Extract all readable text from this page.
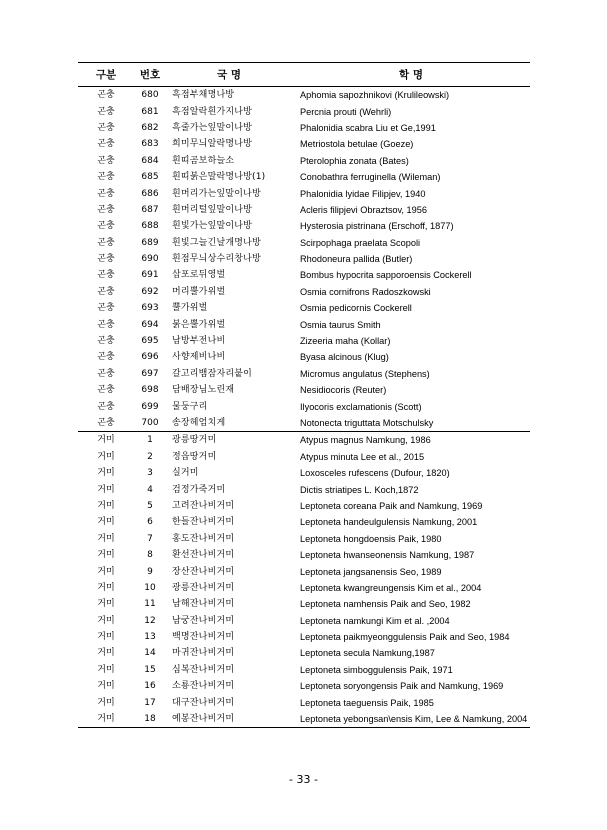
구분	번호	국 명	학 명
곤충	680	흑점부채명나방	Aphomia sapozhnikovi (Krulileowski)
곤충	681	흑점알락흰가지나방	Percnia prouti (Wehrli)
곤충	682	흑줄가는잎말이나방	Phalonidia scabra Liu et Ge,1991
곤충	683	희미무늬알락명나방	Metriostola betulae (Goeze)
곤충	684	흰띠곰보하늘소	Pterolophia zonata (Bates)
곤충	685	흰띠붉은말락명나방(1)	Conobathra ferruginella (Wileman)
곤충	686	흰머리가는잎말이나방	Phalonidia lyidae Filipjev, 1940
곤충	687	흰머리털잎말이나방	Acleris filipjevi Obraztsov, 1956
곤충	688	흰빛가는잎말이나방	Hysterosia pistrinana (Erschoff, 1877)
곤충	689	흰빛그늘긴날개명나방	Scirpophaga praelata Scopoli
곤충	690	흰점무늬상수리창나방	Rhodoneura pallida (Butler)
곤충	691	삽포로뒤영벌	Bombus hypocrita sapporoensis Cockerell
곤충	692	머리뿔가위벌	Osmia cornifrons Radoszkowski
곤충	693	뿔가위벌	Osmia pedicornis Cockerell
곤충	694	붉은뿔가위벌	Osmia taurus Smith
곤충	695	남방부전나비	Zizeeria maha (Kollar)
곤충	696	사향제비나비	Byasa alcinous (Klug)
곤충	697	갈고리뱀잠자리붙이	Micromus angulatus (Stephens)
곤충	698	담배장님노린재	Nesidiocoris (Reuter)
곤충	699	물둥구리	Ilyocoris exclamationis (Scott)
곤충	700	송장헤엄치게	Notonecta triguttata Motschulsky
거미	1	광릉땅거미	Atypus magnus Namkung, 1986
거미	2	정읍땅거미	Atypus minuta Lee et al., 2015
거미	3	실거미	Loxosceles rufescens (Dufour, 1820)
거미	4	검정가죽거미	Dictis striatipes L. Koch,1872
거미	5	고려잔나비거미	Leptoneta coreana Paik and Namkung, 1969
거미	6	한들잔나비거미	Leptoneta handeulgulensis Namkung, 2001
거미	7	홍도잔나비거미	Leptoneta hongdoensis Paik, 1980
거미	8	환선잔나비거미	Leptoneta hwanseonensis Namkung, 1987
거미	9	장산잔나비거미	Leptoneta jangsanensis Seo, 1989
거미	10	광릉잔나비거미	Leptoneta kwangreungensis Kim et al., 2004
거미	11	남해잔나비거미	Leptoneta namhensis Paik and Seo, 1982
거미	12	남궁잔나비거미	Leptoneta namkungi Kim et al. ,2004
거미	13	백명잔나비거미	Leptoneta paikmyeonggulensis Paik and Seo, 1984
거미	14	마귀잔나비거미	Leptoneta secula Namkung,1987
거미	15	심복잔나비거미	Leptoneta simboggulensis Paik, 1971
거미	16	소룡잔나비거미	Leptoneta soryongensis Paik and Namkung, 1969
거미	17	대구잔나비거미	Leptoneta taeguensis Paik, 1985
거미	18	예봉잔나비거미	Leptoneta yebongsan\ensis Kim, Lee & Namkung, 2004
- 33 -
